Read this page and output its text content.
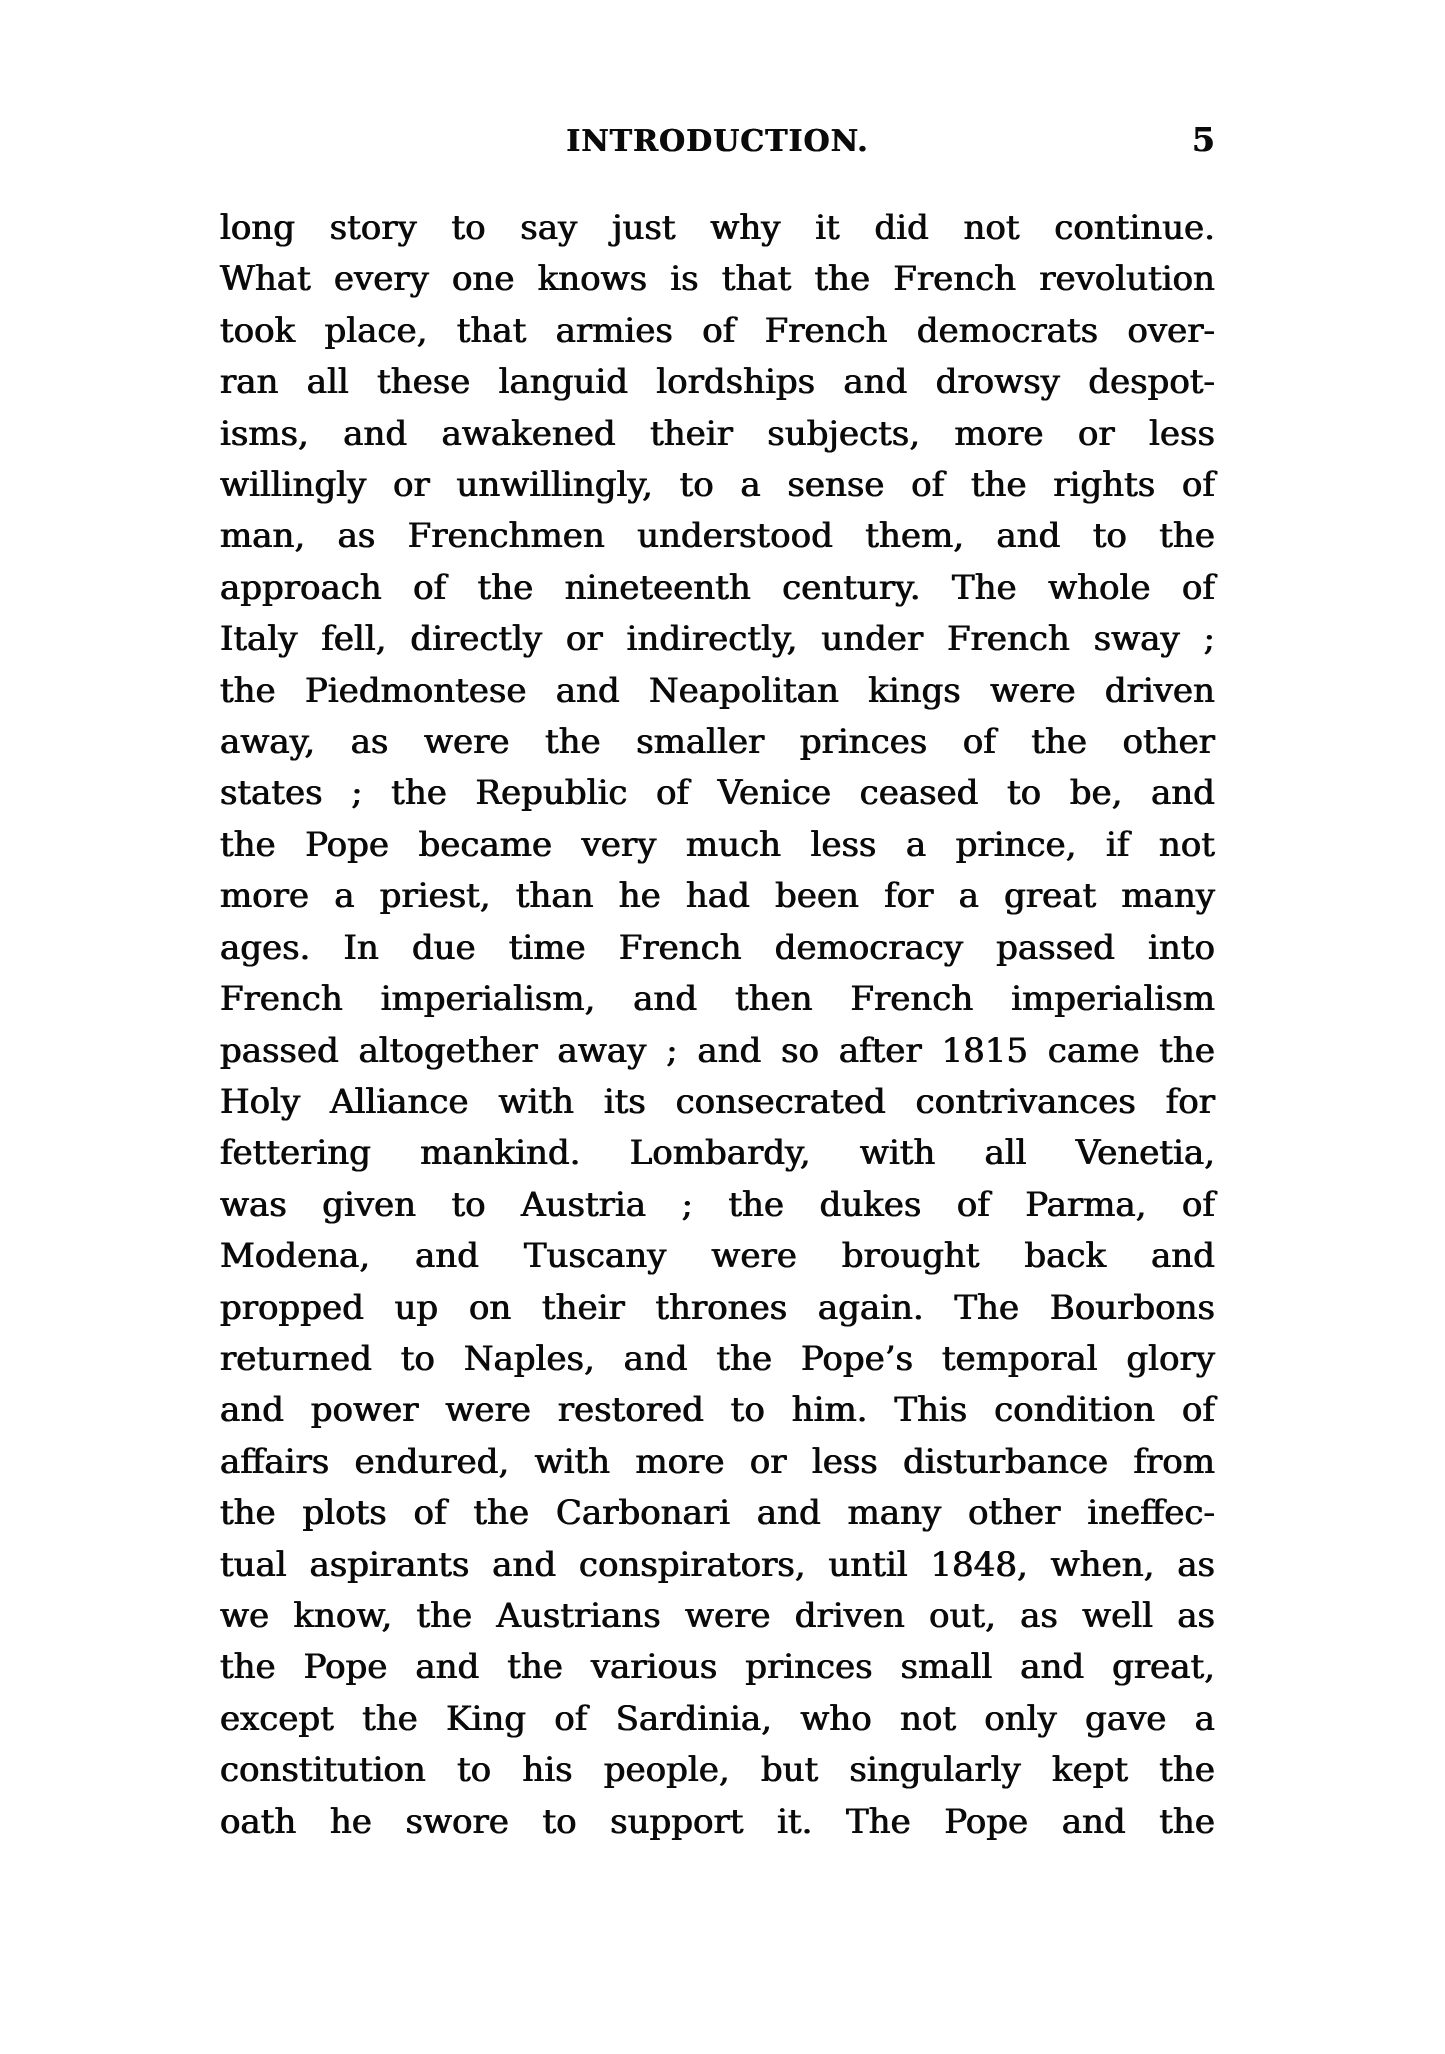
INTRODUCTION.	5
long story to say just why it did not continue.
What every one knows is that the French revolution
took place, that armies of French democrats over-
ran all these languid lordships and drowsy despot-
isms, and awakened their subjects, more or less
willingly or unwillingly, to a sense of the rights of
man, as Frenchmen understood them, and to the
approach of the nineteenth century. The whole of
Italy fell, directly or indirectly, under French sway ;
the Piedmontese and Neapolitan kings were driven
away, as were the smaller princes of the other
states ; the Republic of Venice ceased to be, and
the Pope became very much less a prince, if not
more a priest, than he had been for a great many
ages. In due time French democracy passed into
French imperialism, and then French imperialism
passed altogether away ; and so after 1815 came the
Holy Alliance with its consecrated contrivances for
fettering mankind. Lombardy, with all Venetia,
was given to Austria ; the dukes of Parma, of
Modena, and Tuscany were brought back and
propped up on their thrones again. The Bourbons
returned to Naples, and the Pope’s temporal glory
and power were restored to him. This condition of
affairs endured, with more or less disturbance from
the plots of the Carbonari and many other ineffec-
tual aspirants and conspirators, until 1848, when, as
we know, the Austrians were driven out, as well as
the Pope and the various princes small and great,
except the King of Sardinia, who not only gave a
constitution to his people, but singularly kept the
oath he swore to support it. The Pope and the
